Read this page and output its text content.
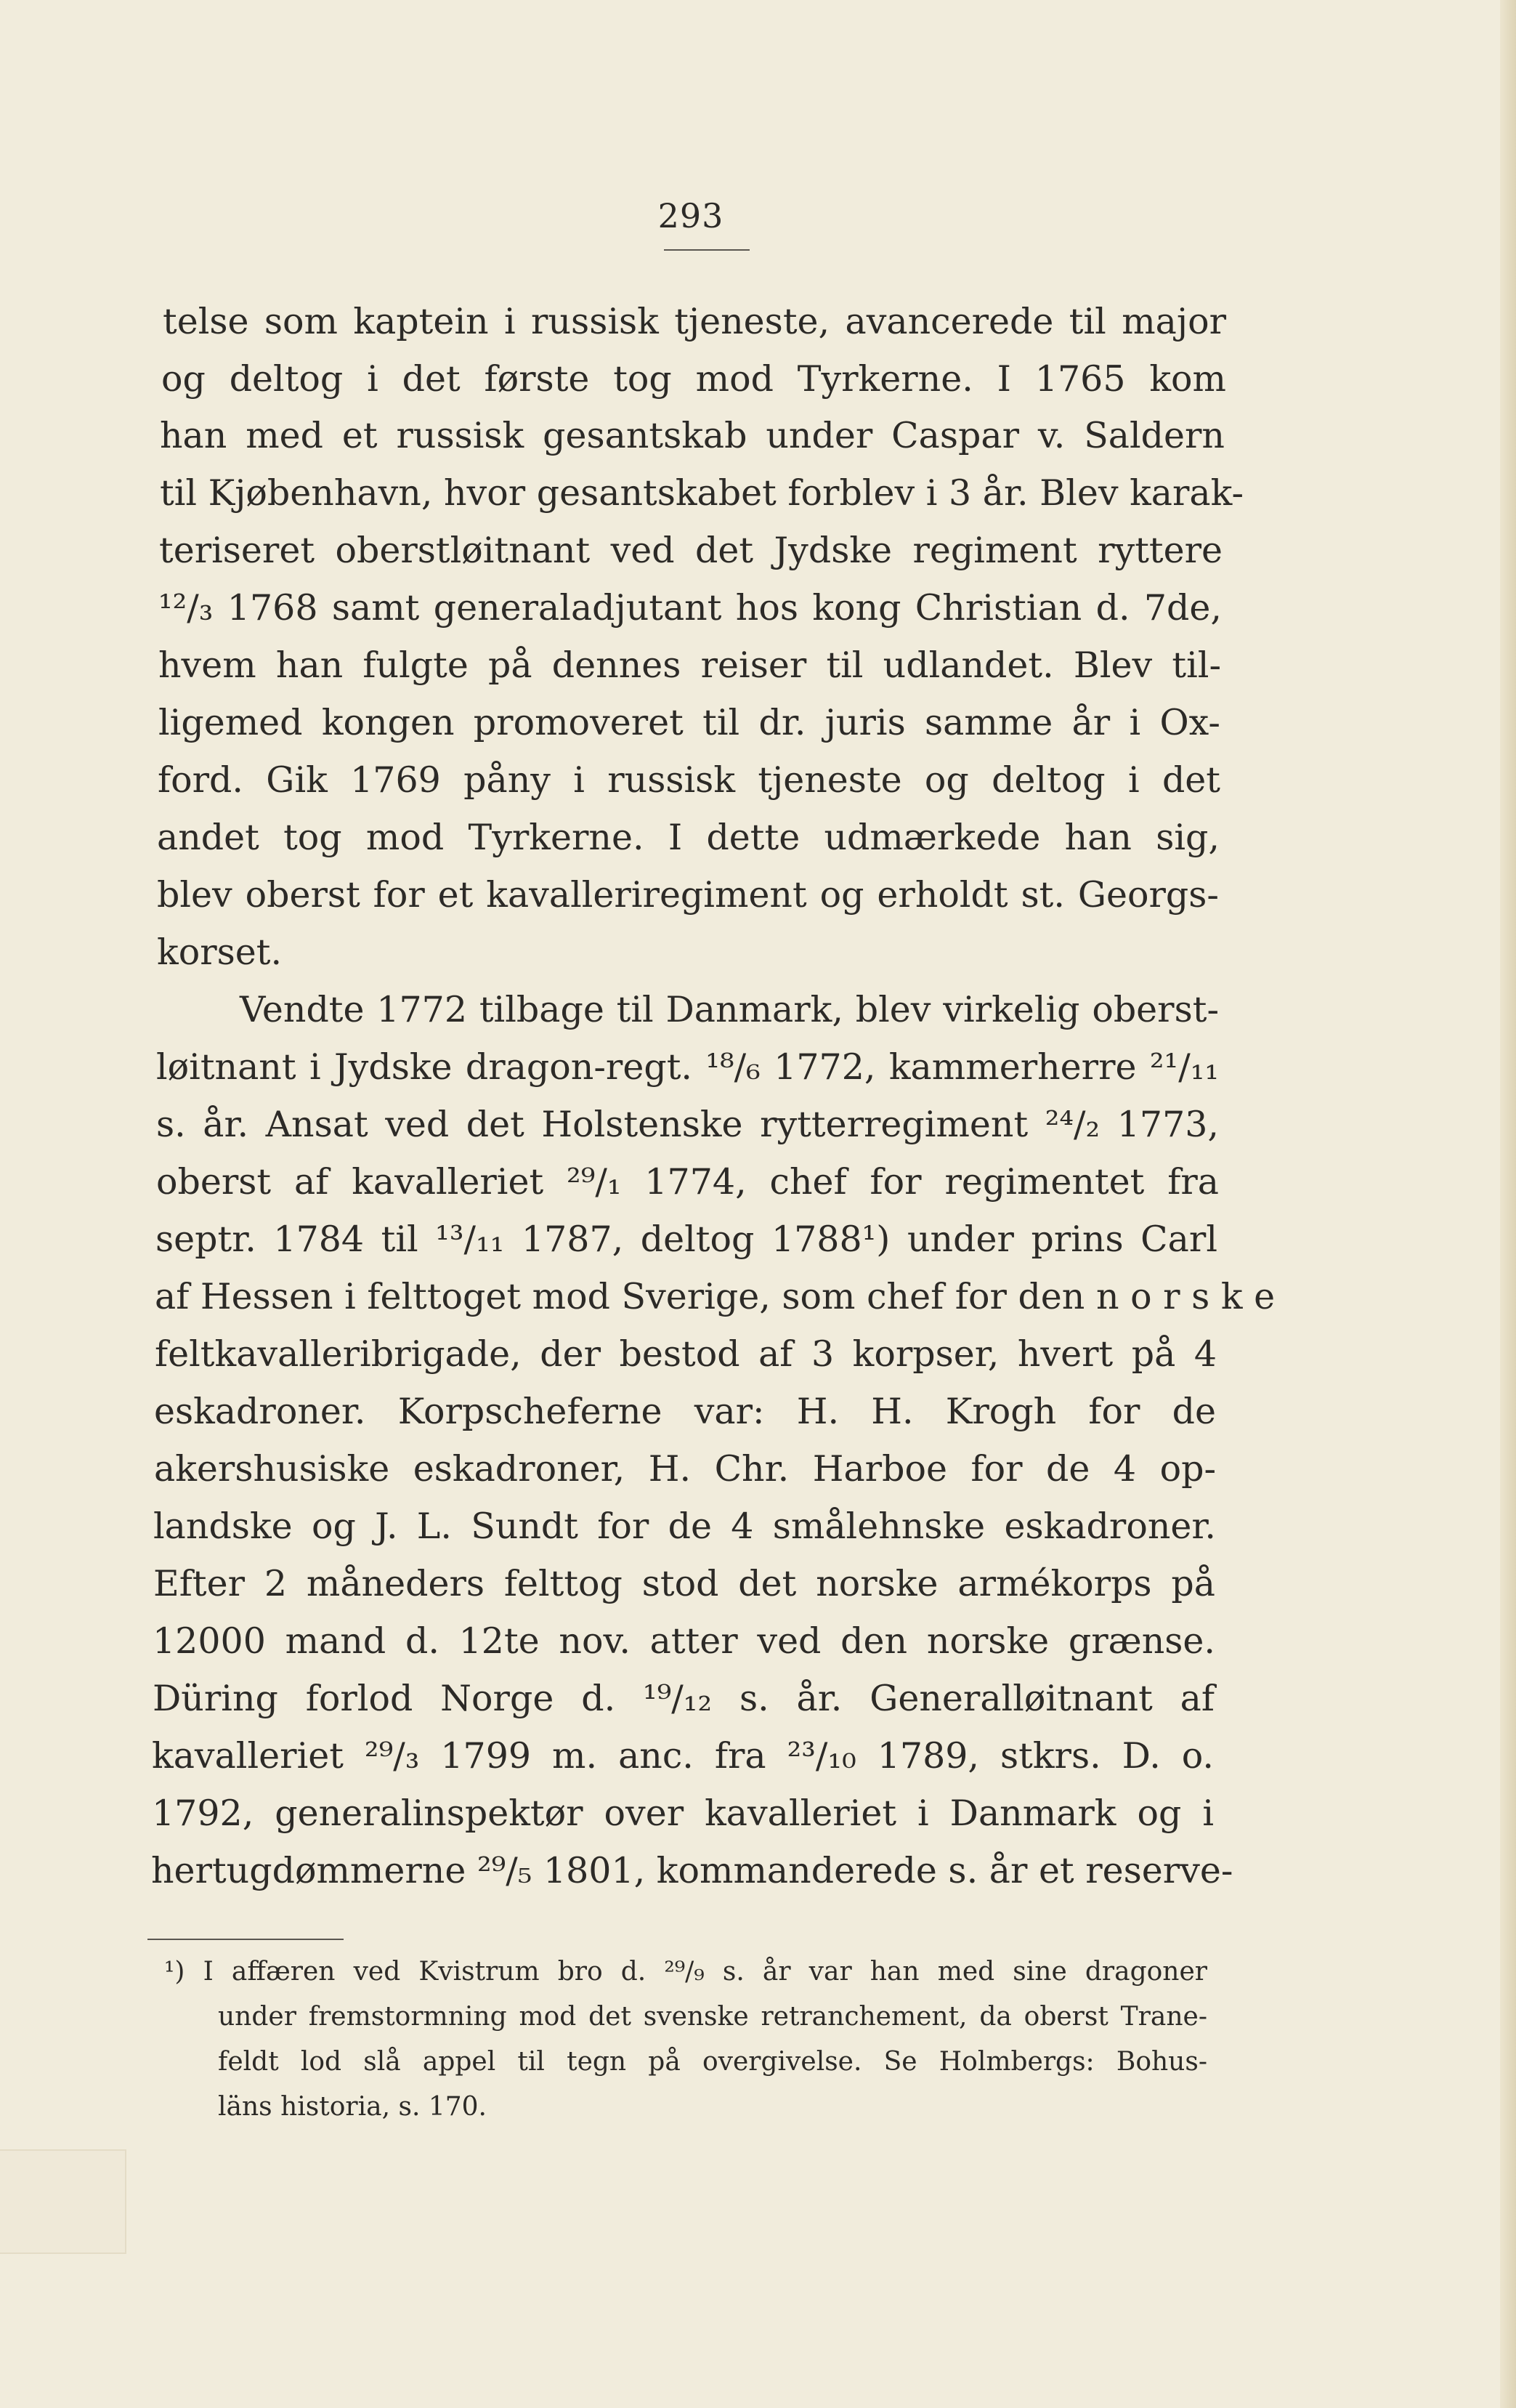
293

telse som kaptein i russisk tjeneste, avancerede til major

og deltog i det første tog mod Tyrkerne. I 1765 kom

han med et russisk gesantskab under Caspar v. Saldern

til Kjøbenhavn, hvor gesantskabet forblev i 3 år. Blev karak-

teriseret oberstløitnant ved det Jydske regiment ryttere

¹²/₃ 1768 samt generaladjutant hos kong Christian d. 7de,

hvem han fulgte på dennes reiser til udlandet. Blev til-

ligemed kongen promoveret til dr. juris samme år i Ox-

ford. Gik 1769 påny i russisk tjeneste og deltog i det

andet tog mod Tyrkerne. I dette udmærkede han sig,

blev oberst for et kavalleriregiment og erholdt st. Georgs-

korset.

Vendte 1772 tilbage til Danmark, blev virkelig oberst-

løitnant i Jydske dragon-regt. ¹⁸/₆ 1772, kammerherre ²¹/₁₁

s. år. Ansat ved det Holstenske rytterregiment ²⁴/₂ 1773,

oberst af kavalleriet ²⁹/₁ 1774, chef for regimentet fra

septr. 1784 til ¹³/₁₁ 1787, deltog 1788¹) under prins Carl

af Hessen i felttoget mod Sverige, som chef for den n o r s k e

feltkavalleribrigade, der bestod af 3 korpser, hvert på 4

eskadroner. Korpscheferne var: H. H. Krogh for de

akershusiske eskadroner, H. Chr. Harboe for de 4 op-

landske og J. L. Sundt for de 4 smålehnske eskadroner.

Efter 2 måneders felttog stod det norske armékorps på

12000 mand d. 12te nov. atter ved den norske grænse.

Düring forlod Norge d. ¹⁹/₁₂ s. år. Generalløitnant af

kavalleriet ²⁹/₃ 1799 m. anc. fra ²³/₁₀ 1789, stkrs. D. o.

1792, generalinspektør over kavalleriet i Danmark og i

hertugdømmerne ²⁹/₅ 1801, kommanderede s. år et reserve-

¹) I affæren ved Kvistrum bro d. ²⁹/₉ s. år var han med sine dragoner

under fremstormning mod det svenske retranchement, da oberst Trane-

feldt lod slå appel til tegn på overgivelse. Se Holmbergs: Bohus-

läns historia, s. 170.
